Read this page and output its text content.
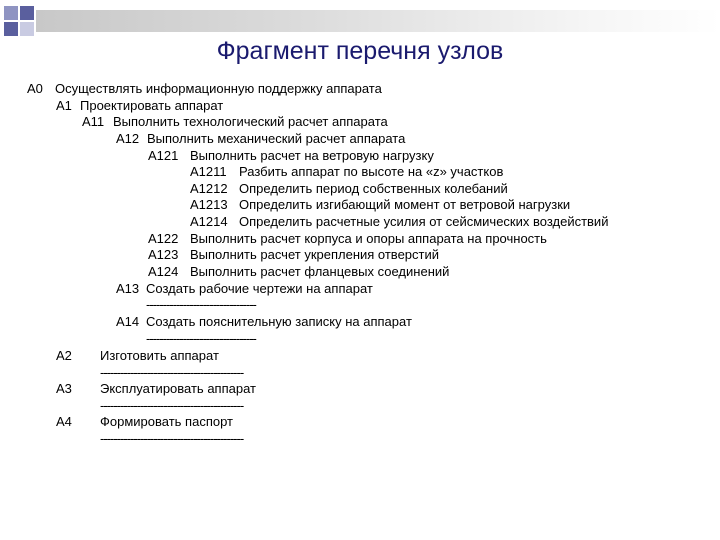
Фрагмент перечня узлов
А0 Осуществлять информационную поддержку аппарата
А1 Проектировать аппарат
А11 Выполнить технологический расчет аппарата
А12 Выполнить механический расчет аппарата
А121 Выполнить расчет на ветровую нагрузку
А1211 Разбить аппарат по высоте на «z» участков
А1212 Определить период собственных колебаний
А1213 Определить изгибающий момент от ветровой нагрузки
А1214 Определить расчетные усилия от сейсмических воздействий
А122 Выполнить расчет корпуса и опоры аппарата на прочность
А123 Выполнить расчет укрепления отверстий
А124 Выполнить расчет фланцевых соединений
А13 Создать рабочие чертежи на аппарат
---------------------------------
А14 Создать пояснительную записку на аппарат
---------------------------------
А2 Изготовить аппарат
-------------------------------------------
А3 Эксплуатировать аппарат
-------------------------------------------
А4 Формировать паспорт
-------------------------------------------
